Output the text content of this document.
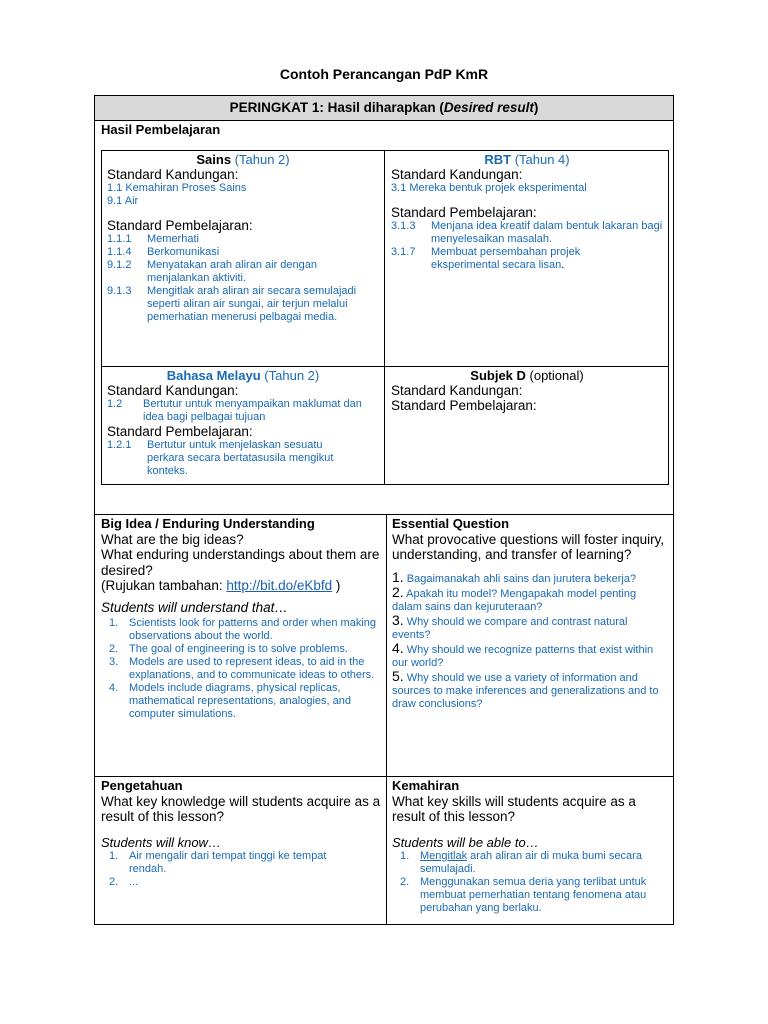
Contoh Perancangan PdP KmR
PERINGKAT 1: Hasil diharapkan (Desired result)
Hasil Pembelajaran
Sains (Tahun 2)
Standard Kandungan:
1.1 Kemahiran Proses Sains
9.1 Air
Standard Pembelajaran:
1.1.1 Memerhati
1.1.4 Berkomunikasi
9.1.2 Menyatakan arah aliran air dengan menjalankan aktiviti.
9.1.3 Mengitlak arah aliran air secara semulajadi seperti aliran air sungai, air terjun melalui pemerhatian menerusi pelbagai media.
RBT (Tahun 4)
Standard Kandungan:
3.1 Mereka bentuk projek eksperimental
Standard Pembelajaran:
3.1.3 Menjana idea kreatif dalam bentuk lakaran bagi menyelesaikan masalah.
3.1.7 Membuat persembahan projek eksperimental secara lisan.
Bahasa Melayu (Tahun 2)
Standard Kandungan:
1.2 Bertutur untuk menyampaikan maklumat dan idea bagi pelbagai tujuan
Standard Pembelajaran:
1.2.1 Bertutur untuk menjelaskan sesuatu perkara secara bertatasusila mengikut konteks.
Subjek D (optional)
Standard Kandungan:
Standard Pembelajaran:
Big Idea / Enduring Understanding
What are the big ideas?
What enduring understandings about them are desired?
(Rujukan tambahan: http://bit.do/eKbfd )
Students will understand that…
1. Scientists look for patterns and order when making observations about the world.
2. The goal of engineering is to solve problems.
3. Models are used to represent ideas, to aid in the explanations, and to communicate ideas to others.
4. Models include diagrams, physical replicas, mathematical representations, analogies, and computer simulations.
Essential Question
What provocative questions will foster inquiry, understanding, and transfer of learning?
1. Bagaimanakah ahli sains dan jurutera bekerja?
2. Apakah itu model? Mengapakah model penting dalam sains dan kejuruteraan?
3. Why should we compare and contrast natural events?
4. Why should we recognize patterns that exist within our world?
5. Why should we use a variety of information and sources to make inferences and generalizations and to draw conclusions?
Pengetahuan
What key knowledge will students acquire as a result of this lesson?
Students will know…
1. Air mengalir dari tempat tinggi ke tempat rendah.
2. ...
Kemahiran
What key skills will students acquire as a result of this lesson?
Students will be able to…
1. Mengitlak arah aliran air di muka bumi secara semulajadi.
2. Menggunakan semua deria yang terlibat untuk membuat pemerhatian tentang fenomena atau perubahan yang berlaku.
